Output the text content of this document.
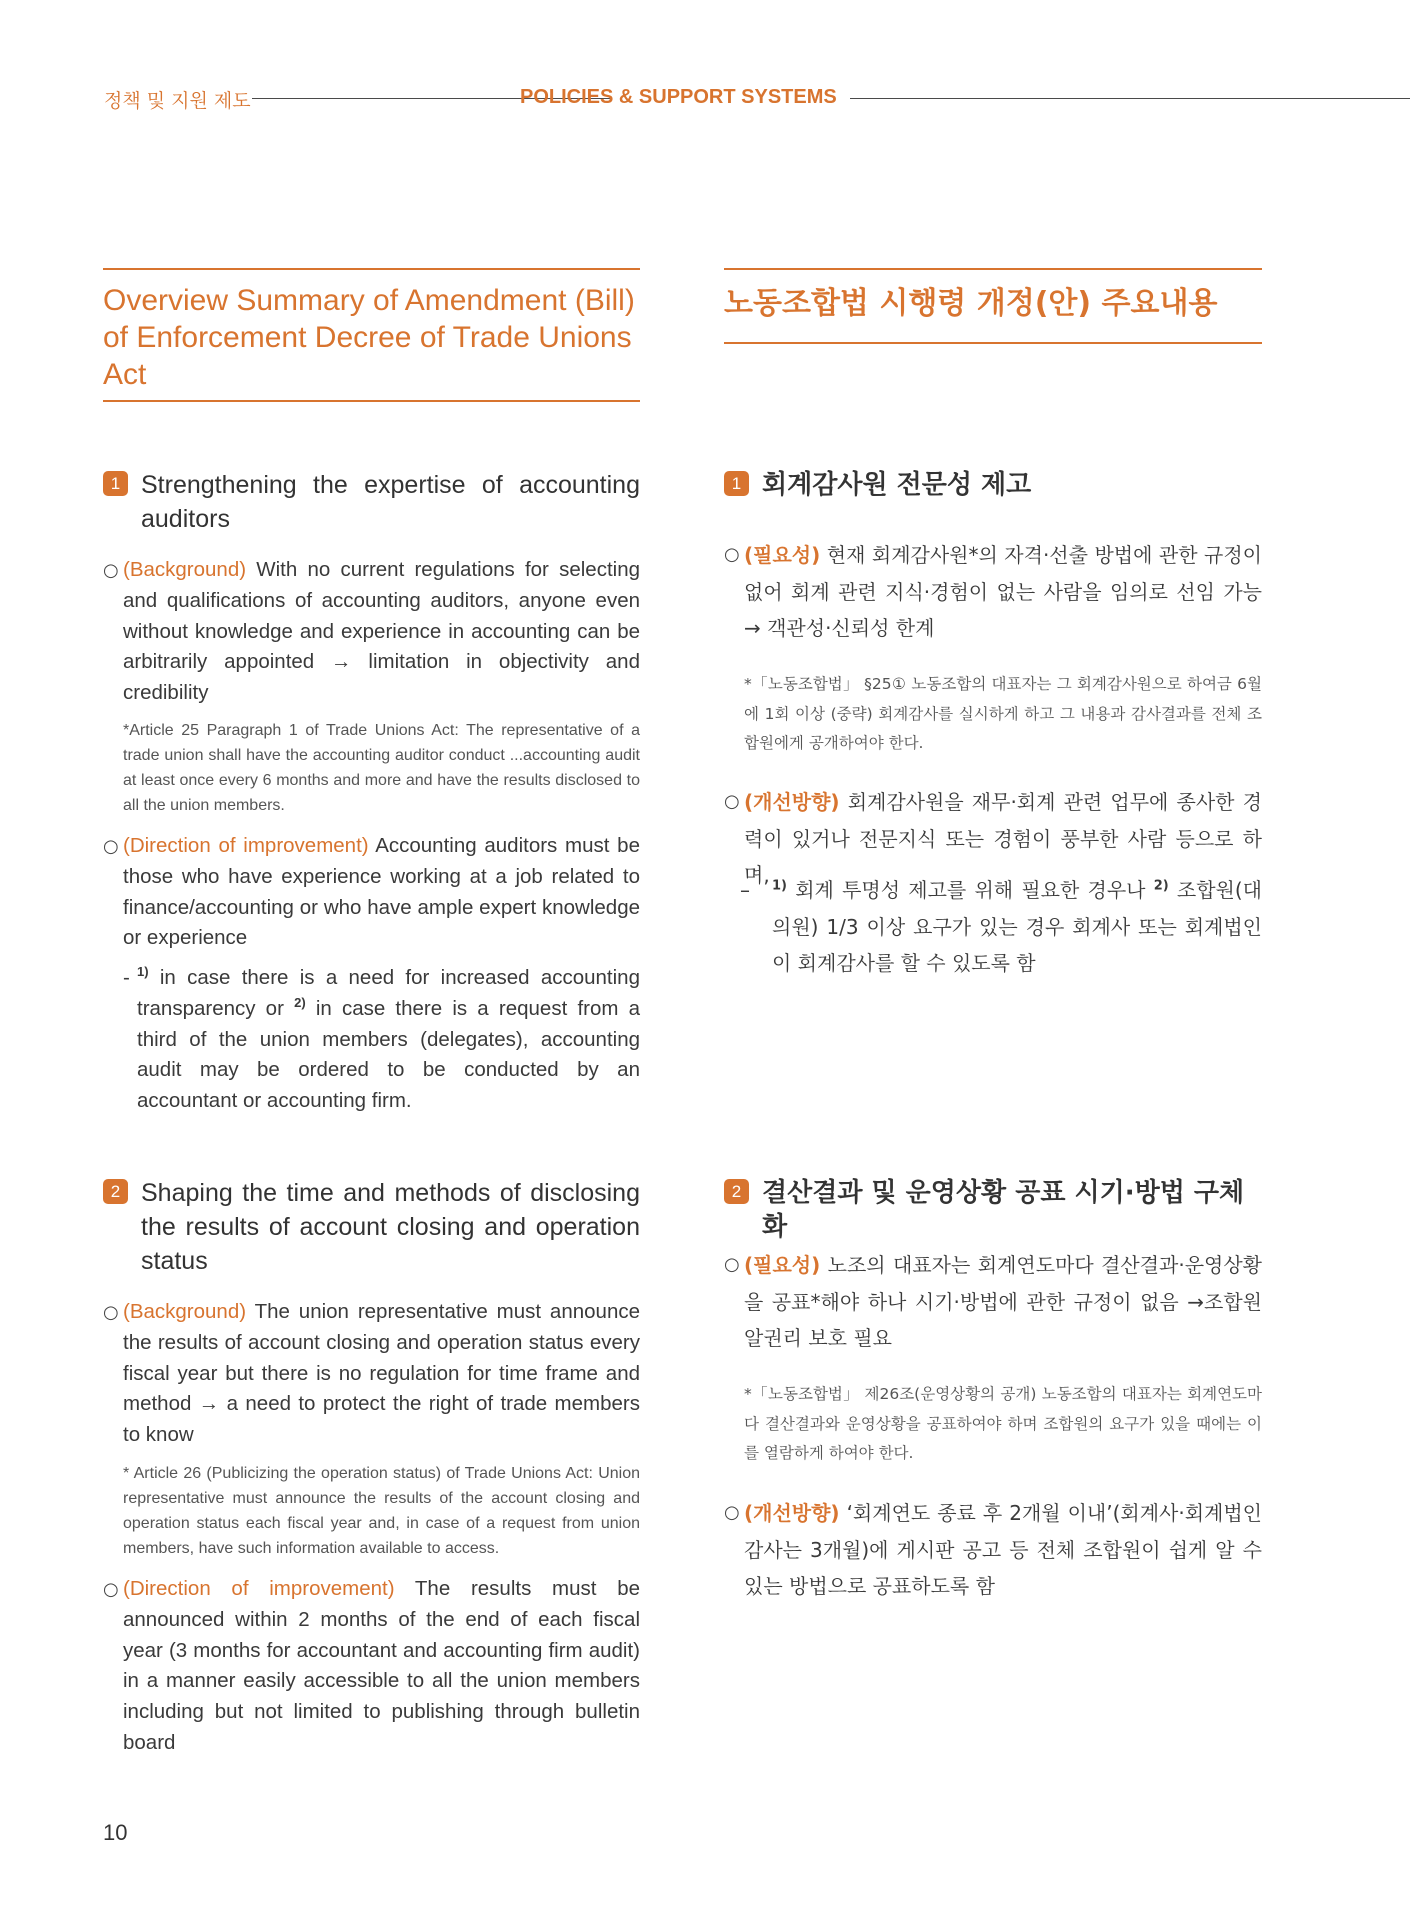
정책 및 지원 제도	POLICIES & SUPPORT SYSTEMS
Overview Summary of Amendment (Bill) of Enforcement Decree of Trade Unions Act
노동조합법 시행령 개정(안) 주요내용
1 Strengthening the expertise of accounting auditors
○ (Background) With no current regulations for selecting and qualifications of accounting auditors, anyone even without knowledge and experience in accounting can be arbitrarily appointed → limitation in objectivity and credibility
*Article 25 Paragraph 1 of Trade Unions Act: The representative of a trade union shall have the accounting auditor conduct ...accounting audit at least once every 6 months and more and have the results disclosed to all the union members.
○ (Direction of improvement) Accounting auditors must be those who have experience working at a job related to finance/accounting or who have ample expert knowledge or experience
- $^{1)}$ in case there is a need for increased accounting transparency or $^{2)}$ in case there is a request from a third of the union members (delegates), accounting audit may be ordered to be conducted by an accountant or accounting firm.
2 Shaping the time and methods of disclosing the results of account closing and operation status
○ (Background) The union representative must announce the results of account closing and operation status every fiscal year but there is no regulation for time frame and method → a need to protect the right of trade members to know
* Article 26 (Publicizing the operation status) of Trade Unions Act: Union representative must announce the results of the account closing and operation status each fiscal year and, in case of a request from union members, have such information available to access.
○ (Direction of improvement) The results must be announced within 2 months of the end of each fiscal year (3 months for accountant and accounting firm audit) in a manner easily accessible to all the union members including but not limited to publishing through bulletin board
1 회계감사원 전문성 제고
○ (필요성) 현재 회계감사원*의 자격·선출 방법에 관한 규정이 없어 회계 관련 지식·경험이 없는 사람을 임의로 선임 가능→ 객관성·신뢰성 한계
*「노동조합법」 §25① 노동조합의 대표자는 그 회계감사원으로 하여금 6월에 1회 이상 (중략) 회계감사를 실시하게 하고 그 내용과 감사결과를 전체 조합원에게 공개하여야 한다.
○ (개선방향) 회계감사원을 재무·회계 관련 업무에 종사한 경력이 있거나 전문지식 또는 경험이 풍부한 사람 등으로 하며,
–	$^{1)}$ 회계 투명성 제고를 위해 필요한 경우나 $^{2)}$ 조합원(대의원) 1/3 이상 요구가 있는 경우 회계사 또는 회계법인이 회계감사를 할 수 있도록 함
2 결산결과 및 운영상황 공표 시기·방법 구체화
○ (필요성) 노조의 대표자는 회계연도마다 결산결과·운영상황을 공표*해야 하나 시기·방법에 관한 규정이 없음 →조합원 알권리 보호 필요
*「노동조합법」 제26조(운영상황의 공개) 노동조합의 대표자는 회계연도마다 결산결과와 운영상황을 공표하여야 하며 조합원의 요구가 있을 때에는 이를 열람하게 하여야 한다.
○ (개선방향) ‘회계연도 종료 후 2개월 이내’(회계사·회계법인 감사는 3개월)에 게시판 공고 등 전체 조합원이 쉽게 알 수 있는 방법으로 공표하도록 함
10
